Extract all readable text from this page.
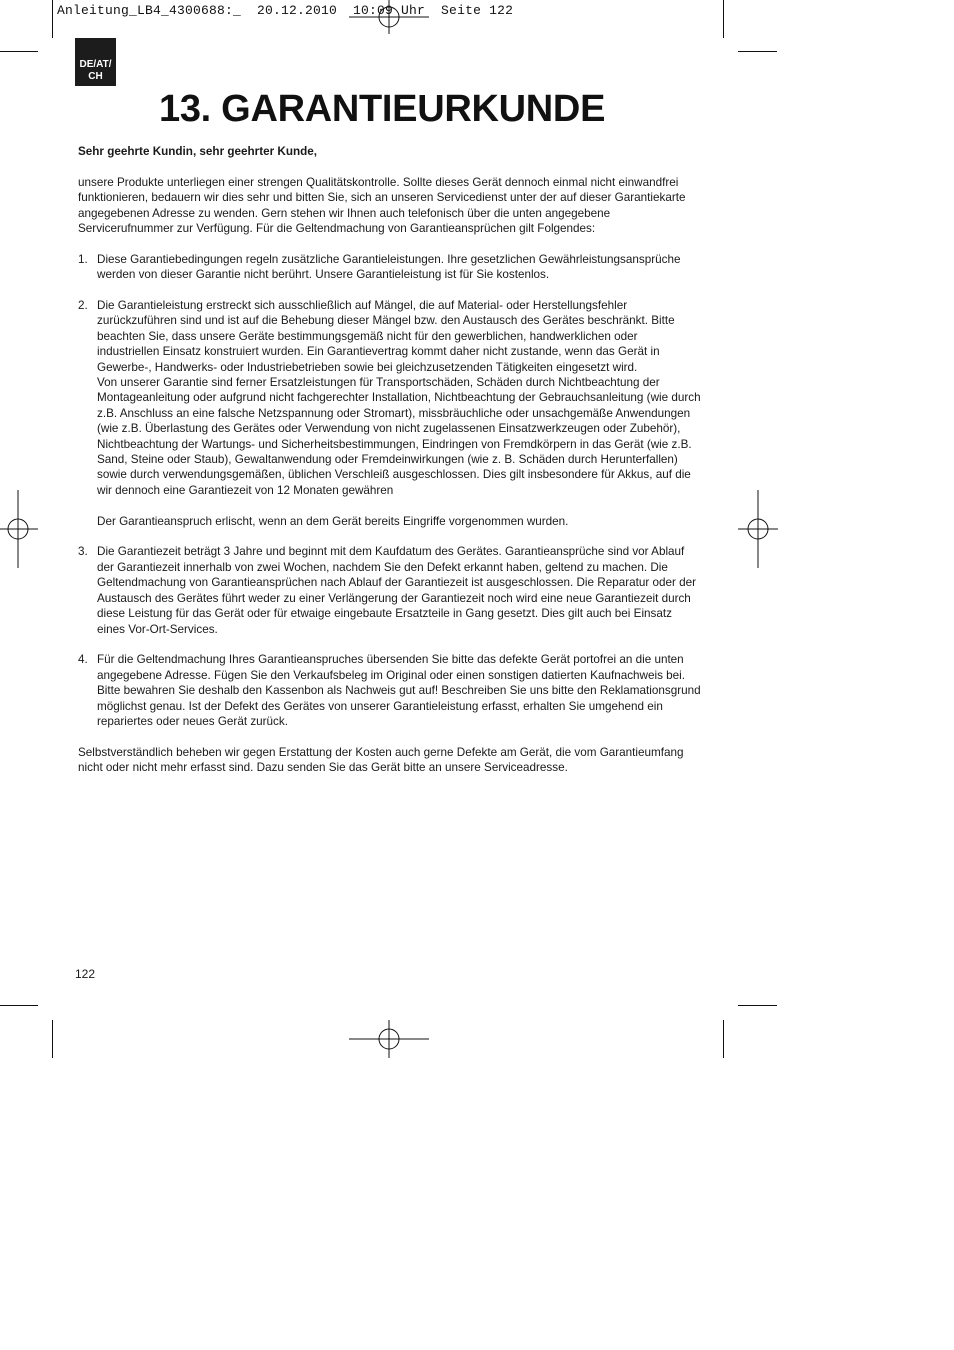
Anleitung_LB4_4300688:_  20.12.2010  10:09 Uhr  Seite 122
DE/AT/
CH
13. GARANTIEURKUNDE

Sehr geehrte Kundin, sehr geehrter Kunde,

unsere Produkte unterliegen einer strengen Qualitätskontrolle. Sollte dieses Gerät dennoch einmal nicht einwandfrei funktionieren, bedauern wir dies sehr und bitten Sie, sich an unseren Servicedienst unter der auf dieser Garantiekarte angegebenen Adresse zu wenden. Gern stehen wir Ihnen auch telefonisch über die unten angegebene Servicerufnummer zur Verfügung. Für die Geltendmachung von Garantieansprüchen gilt Folgendes:

1. Diese Garantiebedingungen regeln zusätzliche Garantieleistungen. Ihre gesetzlichen Gewährleistungsansprüche werden von dieser Garantie nicht berührt. Unsere Garantieleistung ist für Sie kostenlos.

2. Die Garantieleistung erstreckt sich ausschließlich auf Mängel, die auf Material- oder Herstellungsfehler zurückzuführen sind und ist auf die Behebung dieser Mängel bzw. den Austausch des Gerätes beschränkt. Bitte beachten Sie, dass unsere Geräte bestimmungsgemäß nicht für den gewerblichen, handwerklichen oder industriellen Einsatz konstruiert wurden. Ein Garantievertrag kommt daher nicht zustande, wenn das Gerät in Gewerbe-, Handwerks- oder Industriebetrieben sowie bei gleichzusetzenden Tätigkeiten eingesetzt wird.

Von unserer Garantie sind ferner Ersatzleistungen für Transportschäden, Schäden durch Nichtbeachtung der Montageanleitung oder aufgrund nicht fachgerechter Installation, Nichtbeachtung der Gebrauchsanleitung (wie durch z.B. Anschluss an eine falsche Netzspannung oder Stromart), missbräuchliche oder unsachgemäße Anwendungen (wie z.B. Überlastung des Gerätes oder Verwendung von nicht zugelassenen Einsatzwerkzeugen oder Zubehör), Nichtbeachtung der Wartungs- und Sicherheitsbestimmungen, Eindringen von Fremdkörpern in das Gerät (wie z.B. Sand, Steine oder Staub), Gewaltanwendung oder Fremdeinwirkungen (wie z. B. Schäden durch Herunterfallen) sowie durch verwendungsgemäßen, üblichen Verschleiß ausgeschlossen. Dies gilt insbesondere für Akkus, auf die wir dennoch eine Garantiezeit von 12 Monaten gewähren

Der Garantieanspruch erlischt, wenn an dem Gerät bereits Eingriffe vorgenommen wurden.

3. Die Garantiezeit beträgt 3 Jahre und beginnt mit dem Kaufdatum des Gerätes. Garantieansprüche sind vor Ablauf der Garantiezeit innerhalb von zwei Wochen, nachdem Sie den Defekt erkannt haben, geltend zu machen. Die Geltendmachung von Garantieansprüchen nach Ablauf der Garantiezeit ist ausgeschlossen. Die Reparatur oder der Austausch des Gerätes führt weder zu einer Verlängerung der Garantiezeit noch wird eine neue Garantiezeit durch diese Leistung für das Gerät oder für etwaige eingebaute Ersatzteile in Gang gesetzt. Dies gilt auch bei Einsatz eines Vor-Ort-Services.

4. Für die Geltendmachung Ihres Garantieanspruches übersenden Sie bitte das defekte Gerät portofrei an die unten angegebene Adresse. Fügen Sie den Verkaufsbeleg im Original oder einen sonstigen datierten Kaufnachweis bei. Bitte bewahren Sie deshalb den Kassenbon als Nachweis gut auf! Beschreiben Sie uns bitte den Reklamationsgrund möglichst genau. Ist der Defekt des Gerätes von unserer Garantieleistung erfasst, erhalten Sie umgehend ein repariertes oder neues Gerät zurück.

Selbstverständlich beheben wir gegen Erstattung der Kosten auch gerne Defekte am Gerät, die vom Garantieumfang nicht oder nicht mehr erfasst sind. Dazu senden Sie das Gerät bitte an unsere Serviceadresse.

122
